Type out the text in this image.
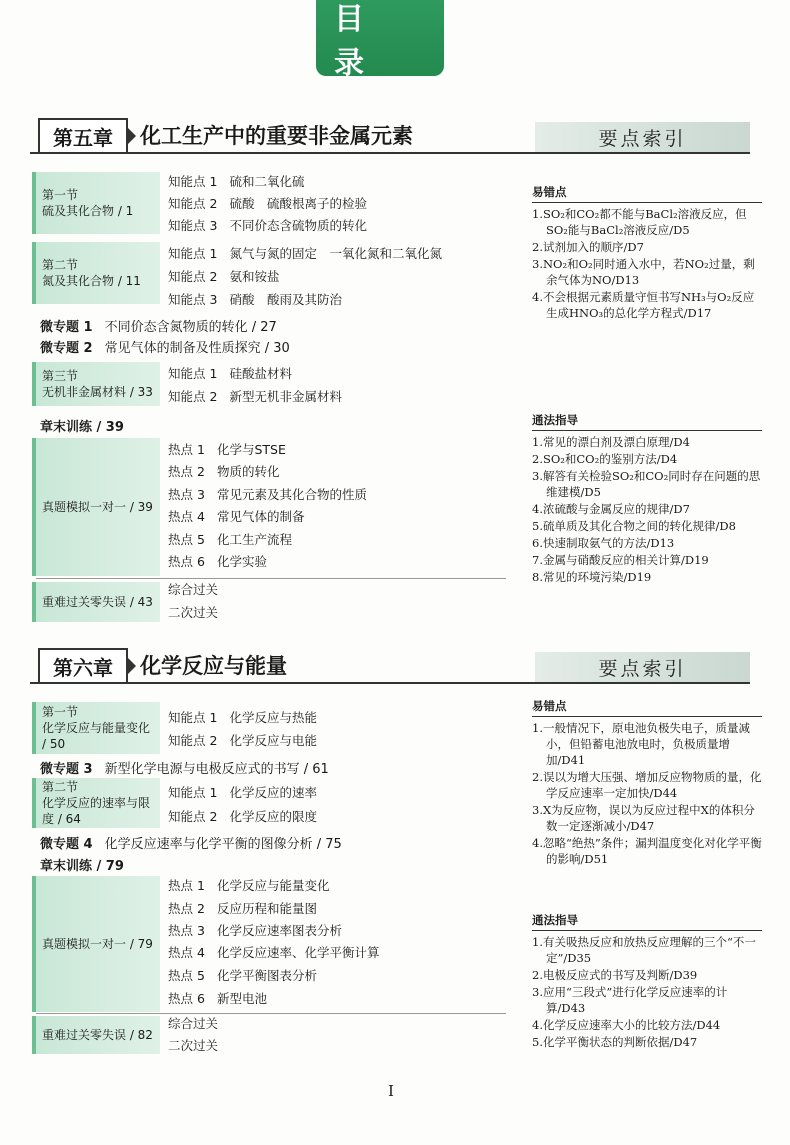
目 录
第五章	化工生产中的重要非金属元素	要点索引
第一节
硫及其化合物 / 1
知能点 1 硫和二氧化硫
知能点 2 硫酸　硫酸根离子的检验
知能点 3 不同价态含硫物质的转化
第二节
氮及其化合物 / 11
知能点 1 氮气与氮的固定　一氧化氮和二氧化氮
知能点 2 氨和铵盐
知能点 3 硝酸　酸雨及其防治
微专题 1 不同价态含氮物质的转化 / 27
微专题 2 常见气体的制备及性质探究 / 30
第三节
无机非金属材料 / 33
知能点 1 硅酸盐材料
知能点 2 新型无机非金属材料
章末训练 / 39
真题模拟一对一 / 39
热点 1 化学与STSE
热点 2 物质的转化
热点 3 常见元素及其化合物的性质
热点 4 常见气体的制备
热点 5 化工生产流程
热点 6 化学实验
重难过关零失误 / 43
综合过关
二次过关
易错点

1.SO₂和CO₂都不能与BaCl₂溶液反应，但SO₂能与BaCl₂溶液反应/D5

2.试剂加入的顺序/D7

3.NO₂和O₂同时通入水中，若NO₂过量，剩余气体为NO/D13

4.不会根据元素质量守恒书写NH₃与O₂反应生成HNO₃的总化学方程式/D17

通法指导

1.常见的漂白剂及漂白原理/D4

2.SO₂和CO₂的鉴别方法/D4

3.解答有关检验SO₂和CO₂同时存在问题的思维建模/D5

4.浓硫酸与金属反应的规律/D7

5.硫单质及其化合物之间的转化规律/D8

6.快速制取氨气的方法/D13

7.金属与硝酸反应的相关计算/D19

8.常见的环境污染/D19

第六章	化学反应与能量	要点索引
第一节
化学反应与能量变化 / 50
知能点 1 化学反应与热能
知能点 2 化学反应与电能
微专题 3 新型化学电源与电极反应式的书写 / 61
第二节
化学反应的速率与限度 / 64
知能点 1 化学反应的速率
知能点 2 化学反应的限度
微专题 4 化学反应速率与化学平衡的图像分析 / 75
章末训练 / 79
真题模拟一对一 / 79
热点 1 化学反应与能量变化
热点 2 反应历程和能量图
热点 3 化学反应速率图表分析
热点 4 化学反应速率、化学平衡计算
热点 5 化学平衡图表分析
热点 6 新型电池
重难过关零失误 / 82
综合过关
二次过关
易错点

1.一般情况下，原电池负极失电子，质量减小，但铅蓄电池放电时，负极质量增加/D41

2.误以为增大压强、增加反应物物质的量，化学反应速率一定加快/D44

3.X为反应物，误以为反应过程中X的体积分数一定逐渐减小/D47

4.忽略“绝热”条件；漏判温度变化对化学平衡的影响/D51

通法指导

1.有关吸热反应和放热反应理解的三个“不一定”/D35

2.电极反应式的书写及判断/D39

3.应用“三段式”进行化学反应速率的计算/D43

4.化学反应速率大小的比较方法/D44

5.化学平衡状态的判断依据/D47

I
